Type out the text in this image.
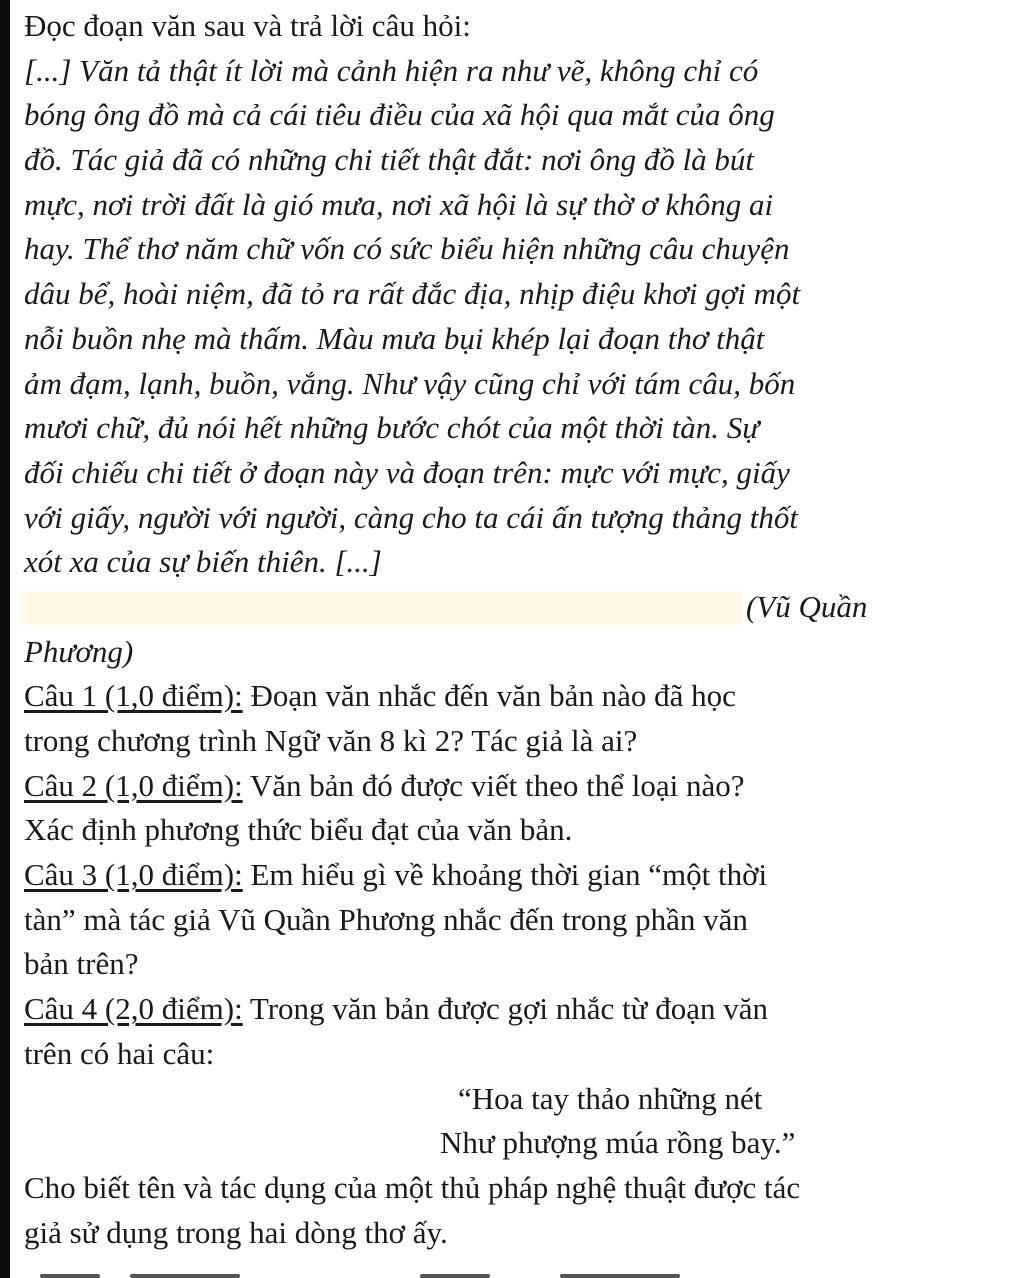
Đọc đoạn văn sau và trả lời câu hỏi:
[...] Văn tả thật ít lời mà cảnh hiện ra như vẽ, không chỉ có
bóng ông đồ mà cả cái tiêu điều của xã hội qua mắt của ông
đồ. Tác giả đã có những chi tiết thật đắt: nơi ông đồ là bút
mực, nơi trời đất là gió mưa, nơi xã hội là sự thờ ơ không ai
hay. Thể thơ năm chữ vốn có sức biểu hiện những câu chuyện
dâu bể, hoài niệm, đã tỏ ra rất đắc địa, nhịp điệu khơi gợi một
nỗi buồn nhẹ mà thấm. Màu mưa bụi khép lại đoạn thơ thật
ảm đạm, lạnh, buồn, vắng. Như vậy cũng chỉ với tám câu, bốn
mươi chữ, đủ nói hết những bước chót của một thời tàn. Sự
đối chiếu chi tiết ở đoạn này và đoạn trên: mực với mực, giấy
với giấy, người với người, càng cho ta cái ấn tượng thảng thốt
xót xa của sự biến thiên. [...]
(Vũ Quần
Phương)
Câu 1 (1,0 điểm): Đoạn văn nhắc đến văn bản nào đã học
trong chương trình Ngữ văn 8 kì 2? Tác giả là ai?
Câu 2 (1,0 điểm): Văn bản đó được viết theo thể loại nào?
Xác định phương thức biểu đạt của văn bản.
Câu 3 (1,0 điểm): Em hiểu gì về khoảng thời gian “một thời
tàn” mà tác giả Vũ Quần Phương nhắc đến trong phần văn
bản trên?
Câu 4 (2,0 điểm): Trong văn bản được gợi nhắc từ đoạn văn
trên có hai câu:
“Hoa tay thảo những nét
Như phượng múa rồng bay.”
Cho biết tên và tác dụng của một thủ pháp nghệ thuật được tác
giả sử dụng trong hai dòng thơ ấy.
